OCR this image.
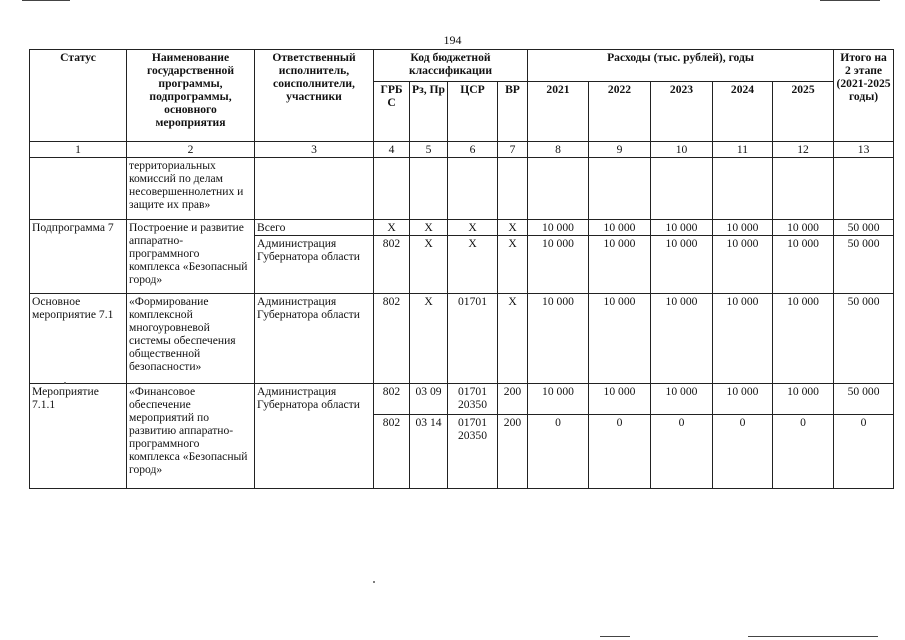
194
Статус	Наименование государственной программы, подпрограммы, основного мероприятия	Ответственный исполнитель, соисполнители, участники	Код бюджетной классификации				Расходы (тыс. рублей), годы					Итого на 2 этапе (2021-2025 годы)
			ГРБ С	Рз, Пр	ЦСР	ВР	2021	2022	2023	2024	2025	
1	2	3	4	5	6	7	8	9	10	11	12	13
	территориальных комиссий по делам несовершеннолетних и защите их прав»											
Подпрограмма 7	Построение и развитие аппаратно-программного комплекса «Безопасный город»	Всего	X	X	X	X	10 000	10 000	10 000	10 000	10 000	50 000
		Администрация Губернатора области	802	X	X	X	10 000	10 000	10 000	10 000	10 000	50 000
Основное мероприятие 7.1	«Формирование комплексной многоуровневой системы обеспечения общественной безопасности»	Администрация Губернатора области	802	X	01701	X	10 000	10 000	10 000	10 000	10 000	50 000
Мероприятие 7.1.1	«Финансовое обеспечение мероприятий по развитию аппаратно-программного комплекса «Безопасный город»	Администрация Губернатора области	802	03 09	01701 20350	200	10 000	10 000	10 000	10 000	10 000	50 000
			802	03 14	01701 20350	200	0	0	0	0	0	0
